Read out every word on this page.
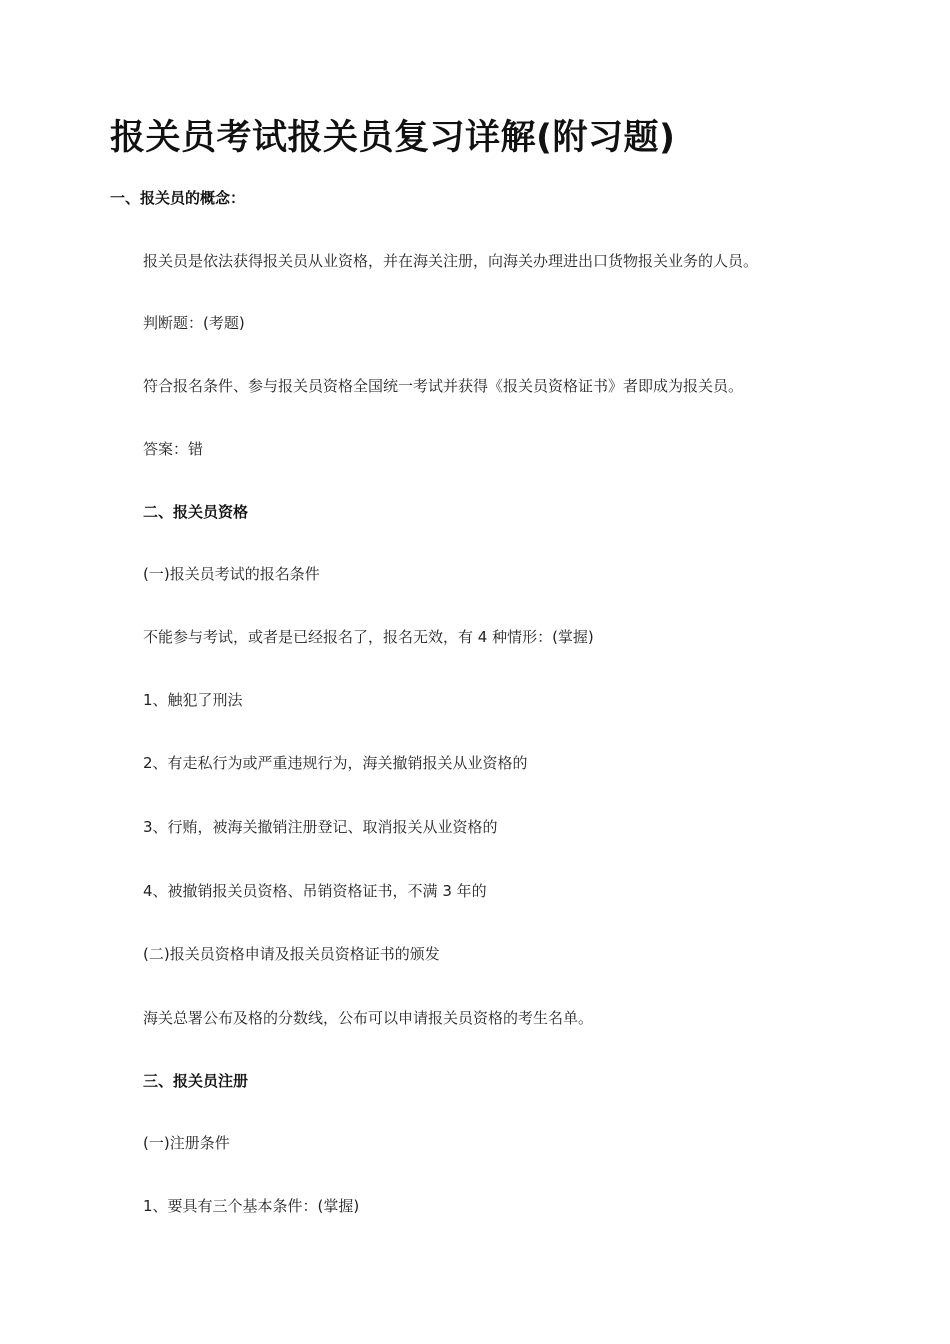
报关员考试报关员复习详解(附习题)

一、报关员的概念：

报关员是依法获得报关员从业资格，并在海关注册，向海关办理进出口货物报关业务的人员。

判断题：(考题)

符合报名条件、参与报关员资格全国统一考试并获得《报关员资格证书》者即成为报关员。

答案：错

二、报关员资格

(一)报关员考试的报名条件

不能参与考试，或者是已经报名了，报名无效，有 4 种情形：(掌握)

1、触犯了刑法

2、有走私行为或严重违规行为，海关撤销报关从业资格的

3、行贿，被海关撤销注册登记、取消报关从业资格的

4、被撤销报关员资格、吊销资格证书，不满 3 年的

(二)报关员资格申请及报关员资格证书的颁发

海关总署公布及格的分数线，公布可以申请报关员资格的考生名单。

三、报关员注册

(一)注册条件

1、要具有三个基本条件：(掌握)
